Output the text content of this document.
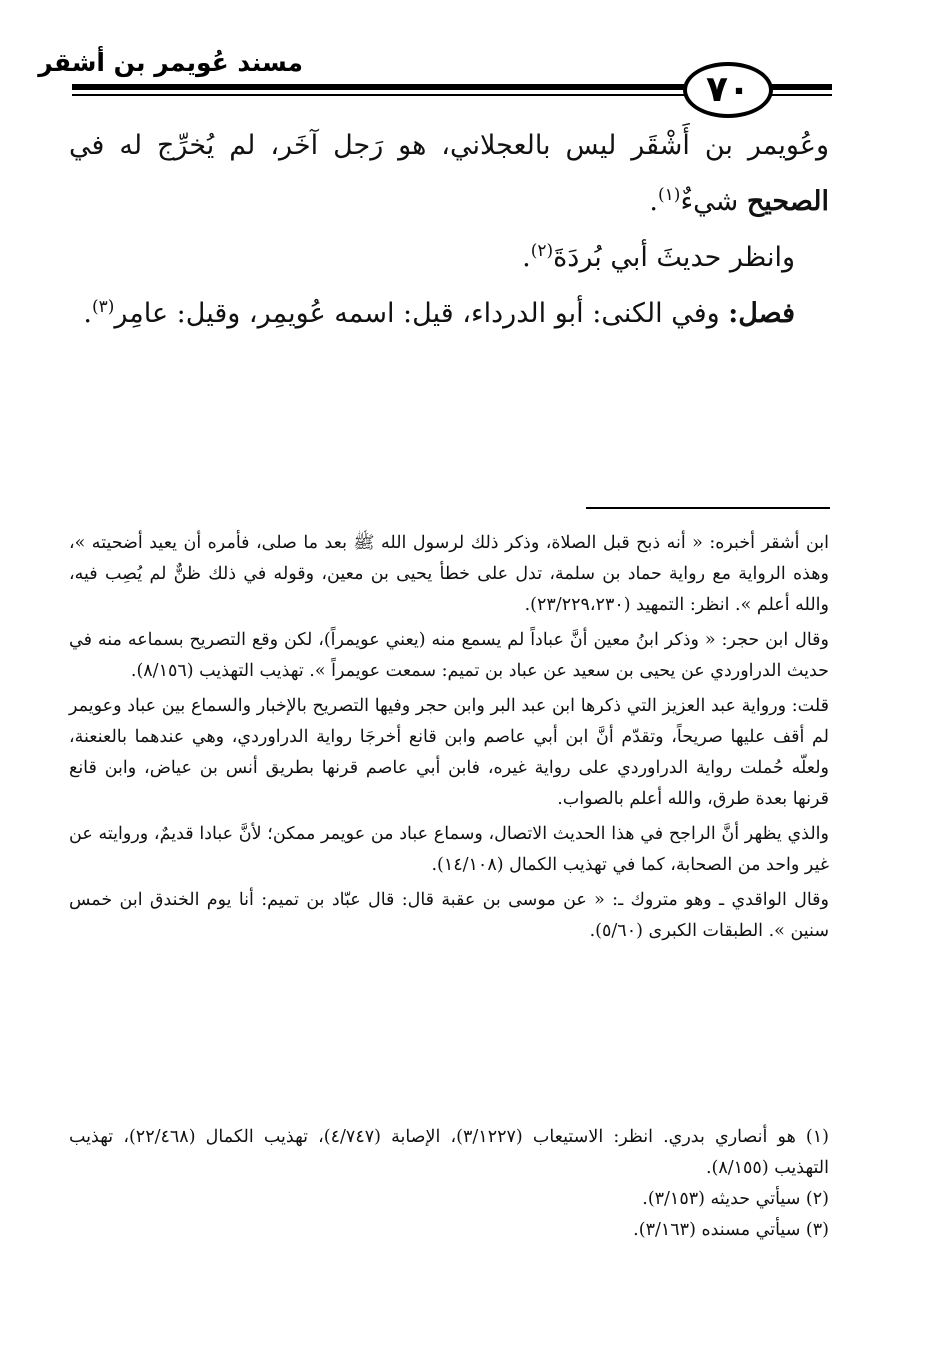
مسند عُويمر بن أشقر
٧٠

وعُويمر بن أَشْقَر ليس بالعجلاني، هو رَجل آخَر، لم يُخرِّج له في

الصحيح شيءٌ$^{(١)}$.

وانظر حديثَ أبي بُردَةَ$^{(٢)}$.

فصل: وفي الكنى: أبو الدرداء، قيل: اسمه عُويمِر، وقيل: عامِر$^{(٣)}$.

ابن أشقر أخبره: « أنه ذبح قبل الصلاة، وذكر ذلك لرسول الله ﷺ بعد ما صلى، فأمره أن يعيد أضحيته »، وهذه الرواية مع رواية حماد بن سلمة، تدل على خطأ يحيى بن معين، وقوله في ذلك ظنٌّ لم يُصِب فيه، والله أعلم ». انظر: التمهيد (٢٣/٢٢٩،٢٣٠).

وقال ابن حجر: « وذكر ابنُ معين أنَّ عباداً لم يسمع منه (يعني عويمراً)، لكن وقع التصريح بسماعه منه في حديث الدراوردي عن يحيى بن سعيد عن عباد بن تميم: سمعت عويمراً ». تهذيب التهذيب (٨/١٥٦).

قلت: ورواية عبد العزيز التي ذكرها ابن عبد البر وابن حجر وفيها التصريح بالإخبار والسماع بين عباد وعويمر لم أقف عليها صريحاً، وتقدّم أنَّ ابن أبي عاصم وابن قانع أخرجَا رواية الدراوردي، وهي عندهما بالعنعنة، ولعلّه حُملت رواية الدراوردي على رواية غيره، فابن أبي عاصم قرنها بطريق أنس بن عياض، وابن قانع قرنها بعدة طرق، والله أعلم بالصواب.

والذي يظهر أنَّ الراجح في هذا الحديث الاتصال، وسماع عباد من عويمر ممكن؛ لأنَّ عبادا قديمٌ، وروايته عن غير واحد من الصحابة، كما في تهذيب الكمال (١٤/١٠٨).

وقال الواقدي ـ وهو متروك ـ: « عن موسى بن عقبة قال: قال عبّاد بن تميم: أنا يوم الخندق ابن خمس سنين ». الطبقات الكبرى (٥/٦٠).

(١) هو أنصاري بدري. انظر: الاستيعاب (٣/١٢٢٧)، الإصابة (٤/٧٤٧)، تهذيب الكمال (٢٢/٤٦٨)، تهذيب التهذيب (٨/١٥٥).

(٢) سيأتي حديثه (٣/١٥٣).

(٣) سيأتي مسنده (٣/١٦٣).
